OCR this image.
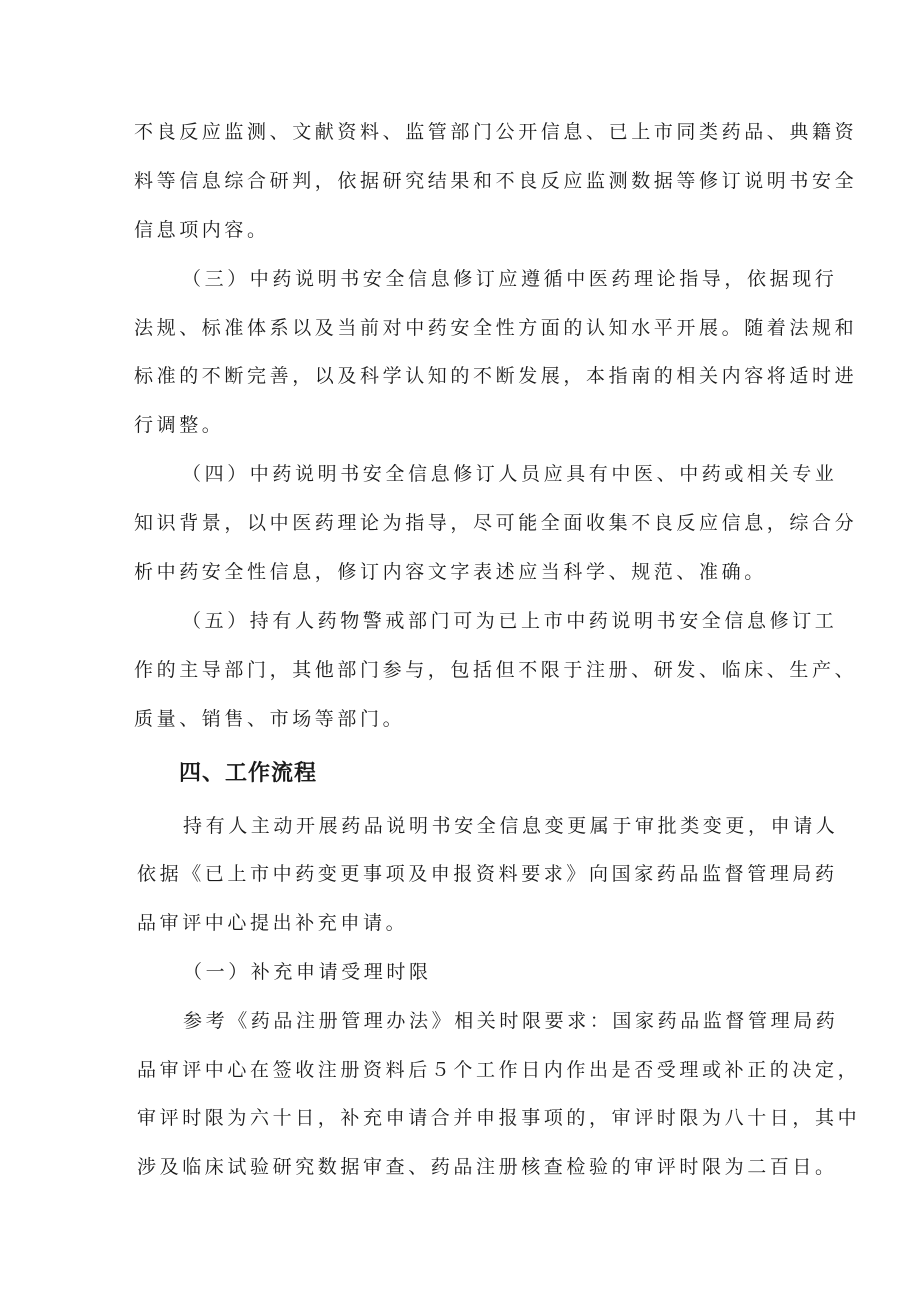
不良反应监测、文献资料、监管部门公开信息、已上市同类药品、典籍资
料等信息综合研判，依据研究结果和不良反应监测数据等修订说明书安全
信息项内容。
（三）中药说明书安全信息修订应遵循中医药理论指导，依据现行
法规、标准体系以及当前对中药安全性方面的认知水平开展。随着法规和
标准的不断完善，以及科学认知的不断发展，本指南的相关内容将适时进
行调整。
（四）中药说明书安全信息修订人员应具有中医、中药或相关专业
知识背景，以中医药理论为指导，尽可能全面收集不良反应信息，综合分
析中药安全性信息，修订内容文字表述应当科学、规范、准确。
（五）持有人药物警戒部门可为已上市中药说明书安全信息修订工
作的主导部门，其他部门参与，包括但不限于注册、研发、临床、生产、
质量、销售、市场等部门。
四、工作流程
持有人主动开展药品说明书安全信息变更属于审批类变更，申请人
依据《已上市中药变更事项及申报资料要求》向国家药品监督管理局药
品审评中心提出补充申请。
（一）补充申请受理时限
参考《药品注册管理办法》相关时限要求：国家药品监督管理局药
品审评中心在签收注册资料后５个工作日内作出是否受理或补正的决定，
审评时限为六十日，补充申请合并申报事项的，审评时限为八十日，其中
涉及临床试验研究数据审查、药品注册核查检验的审评时限为二百日。
